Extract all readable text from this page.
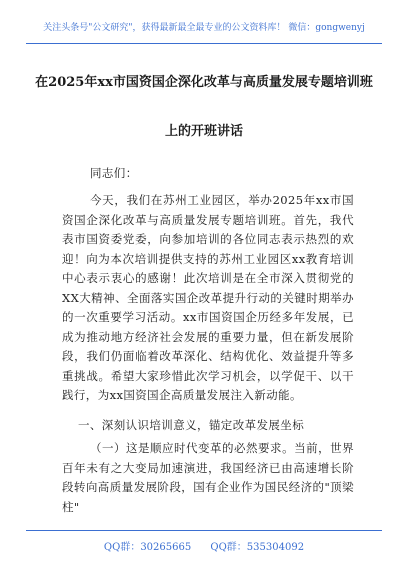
关注头条号"公文研究"，获得最新最全最专业的公文资料库！ 微信：gongwenyj
在2025年xx市国资国企深化改革与高质量发展专题培训班
上的开班讲话
同志们：
今天，我们在苏州工业园区，举办2025年xx市国资国企深化改革与高质量发展专题培训班。首先，我代表市国资委党委，向参加培训的各位同志表示热烈的欢迎！向为本次培训提供支持的苏州工业园区xx教育培训中心表示衷心的感谢！此次培训是在全市深入贯彻党的XX大精神、全面落实国企改革提升行动的关键时期举办的一次重要学习活动。xx市国资国企历经多年发展，已成为推动地方经济社会发展的重要力量，但在新发展阶段，我们仍面临着改革深化、结构优化、效益提升等多重挑战。希望大家珍惜此次学习机会，以学促干、以干践行，为xx国资国企高质量发展注入新动能。
一、深刻认识培训意义，锚定改革发展坐标
（一）这是顺应时代变革的必然要求。当前，世界百年未有之大变局加速演进，我国经济已由高速增长阶段转向高质量发展阶段，国有企业作为国民经济的"顶梁柱"
QQ群：30265665 QQ群：535304092
